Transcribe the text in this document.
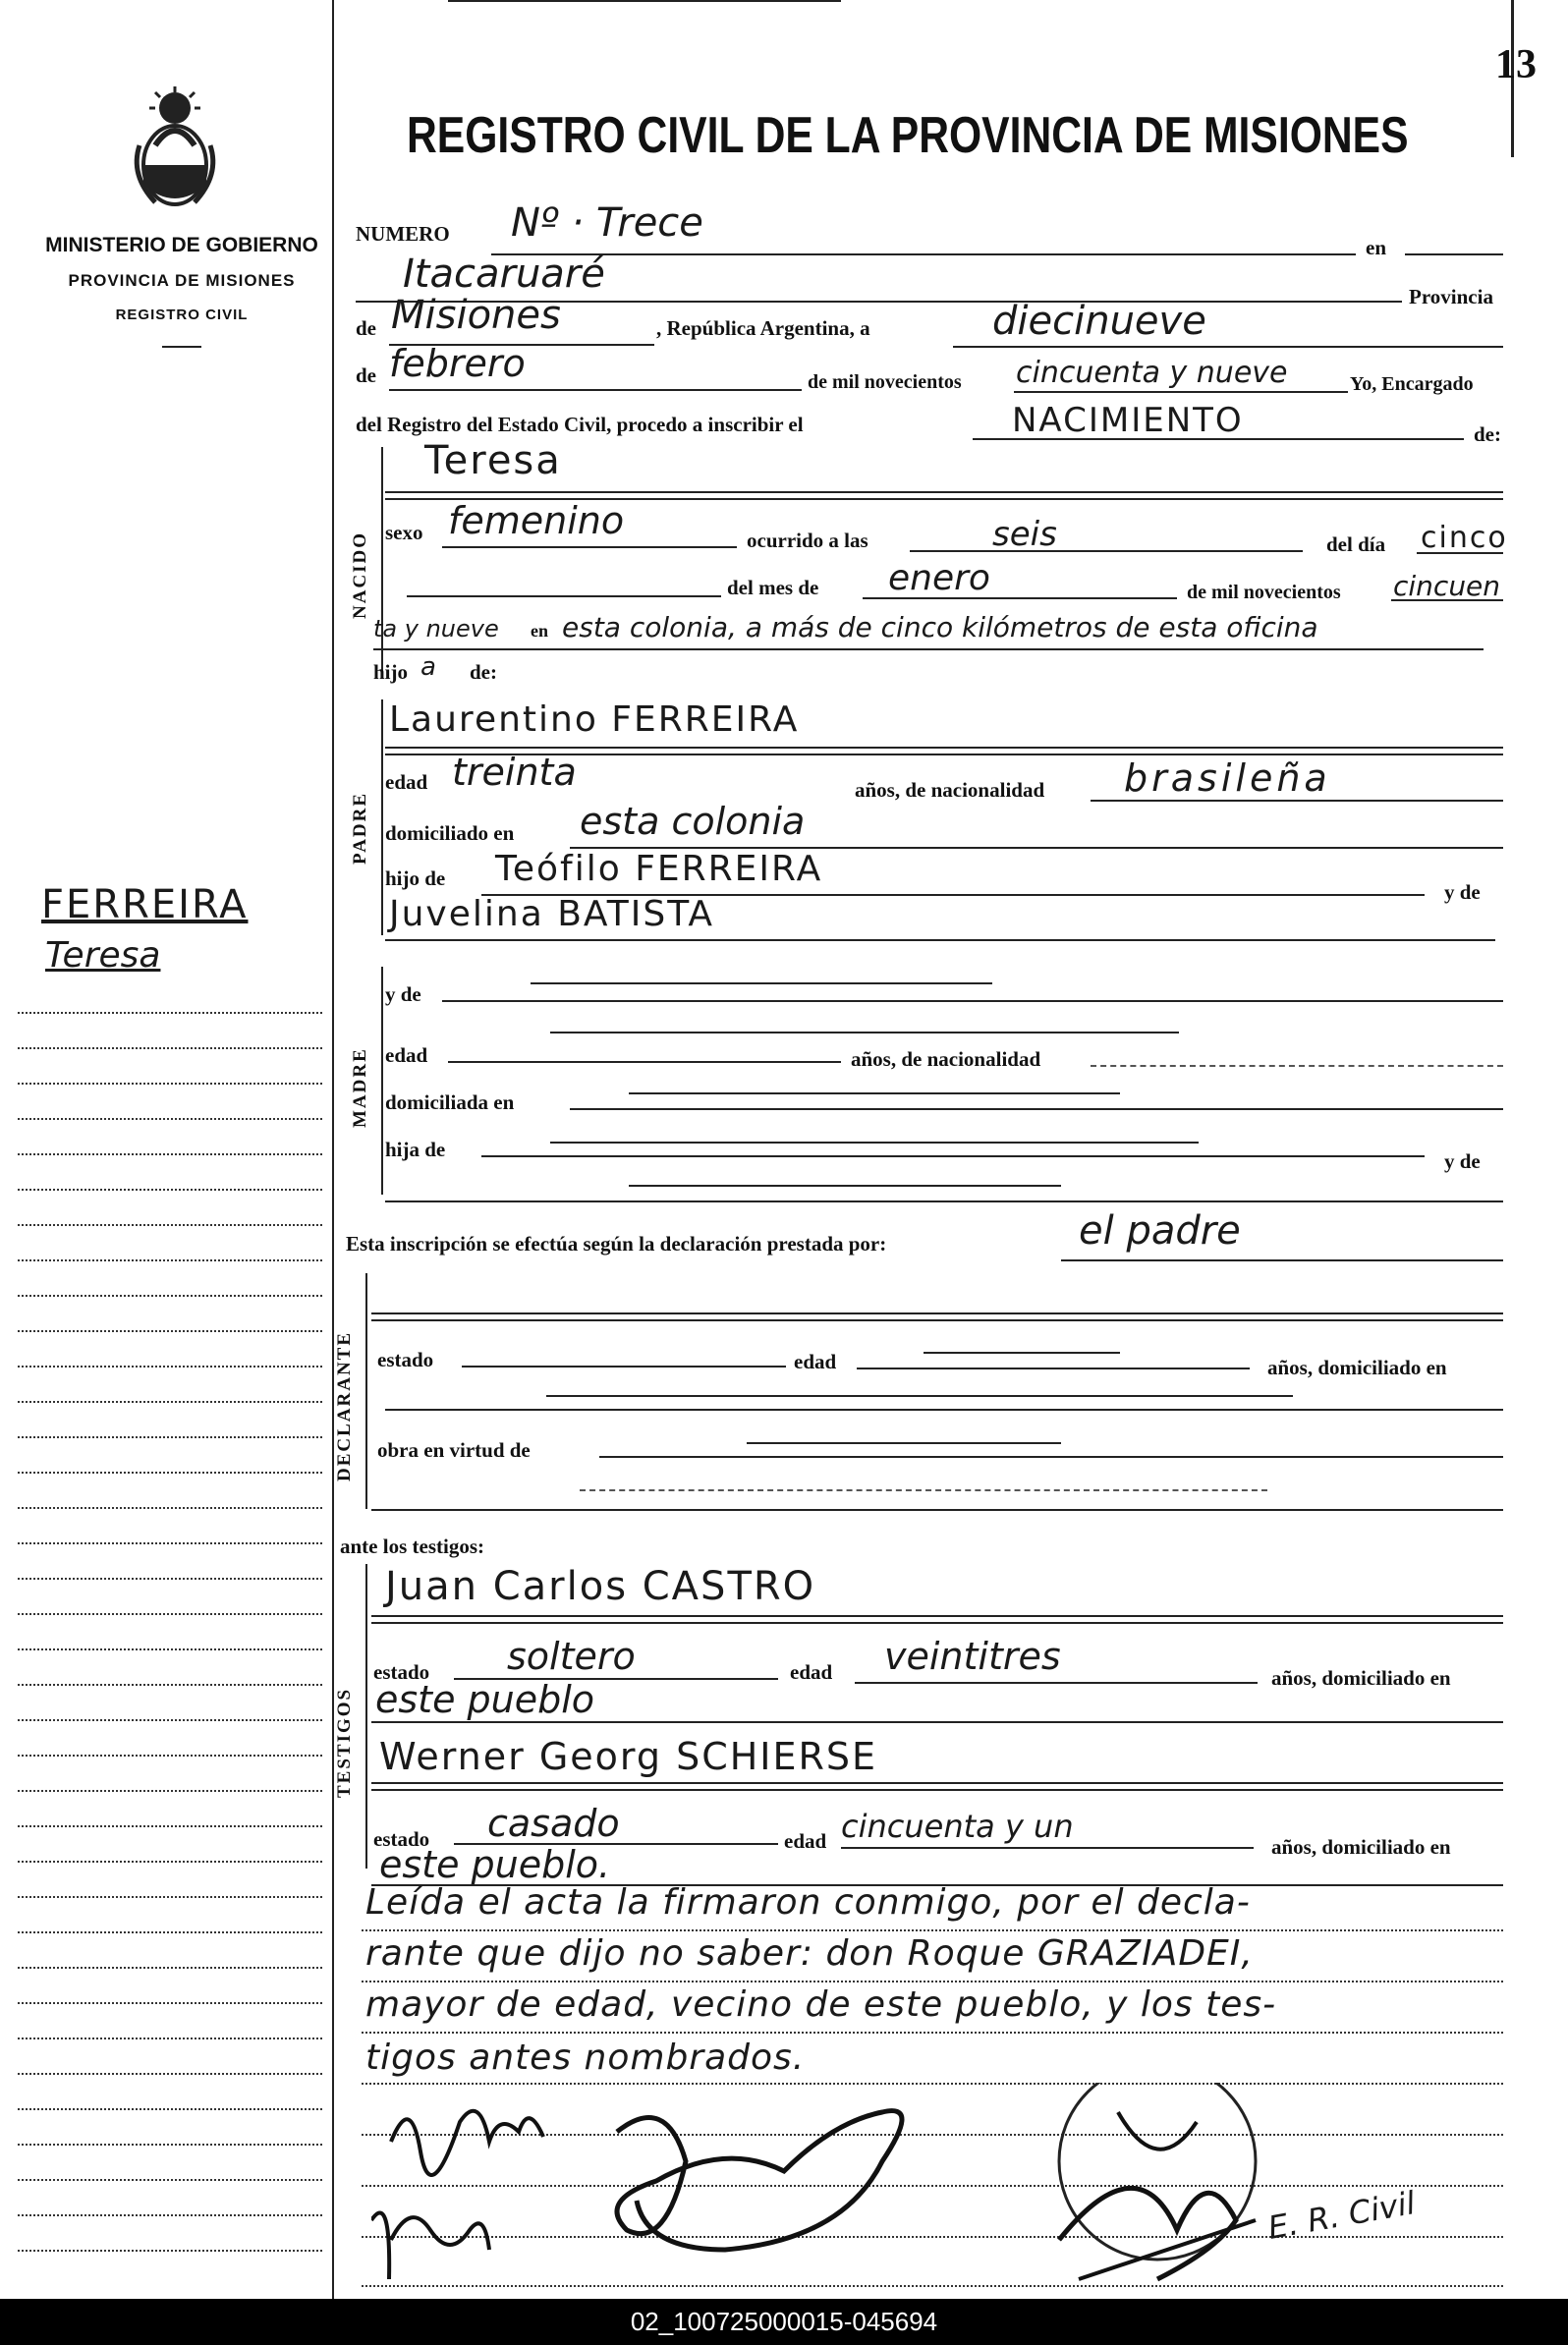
MINISTERIO DE GOBIERNO
PROVINCIA DE MISIONES
REGISTRO CIVIL
FERREIRA
Teresa
REGISTRO CIVIL DE LA PROVINCIA DE MISIONES
13
NUMERO Nº · Trece
en
Itacaruaré	Provincia
de Misiones	, República Argentina, a	diecinueve
de febrero	de mil novecientos cincuenta y nueve	Yo, Encargado
del Registro del Estado Civil, procedo a inscribir el	NACIMIENTO	de:
NACIDO
Teresa
sexo femenino	ocurrido a las	seis	del día cinco
del mes de enero	de mil novecientos cincuen
ta y nueve en esta colonia, a más de cinco kilómetros de esta oficina
hijo a de:
PADRE
Laurentino FERREIRA
edad treinta	años, de nacionalidad brasileña
domiciliado en esta colonia
hijo de Teófilo FERREIRA
y de
Juvelina BATISTA
MADRE
y de
edad	años, de nacionalidad
domiciliada en
hija de	y de
Esta inscripción se efectúa según la declaración prestada por:	el padre
DECLARANTE estado	edad	años, domiciliado en
obra en virtud de
ante los testigos:
TESTIGOS
Juan Carlos CASTRO
estado soltero	edad veintitres	años, domiciliado en
este pueblo
Werner Georg SCHIERSE
estado casado	edad cincuenta y un
años, domiciliado en
este pueblo.
Leída el acta la firmaron conmigo, por el decla-
rante que dijo no saber: don Roque GRAZIADEI,
mayor de edad, vecino de este pueblo, y los tes-
tigos antes nombrados.
E. R. Civil
02_100725000015-045694
